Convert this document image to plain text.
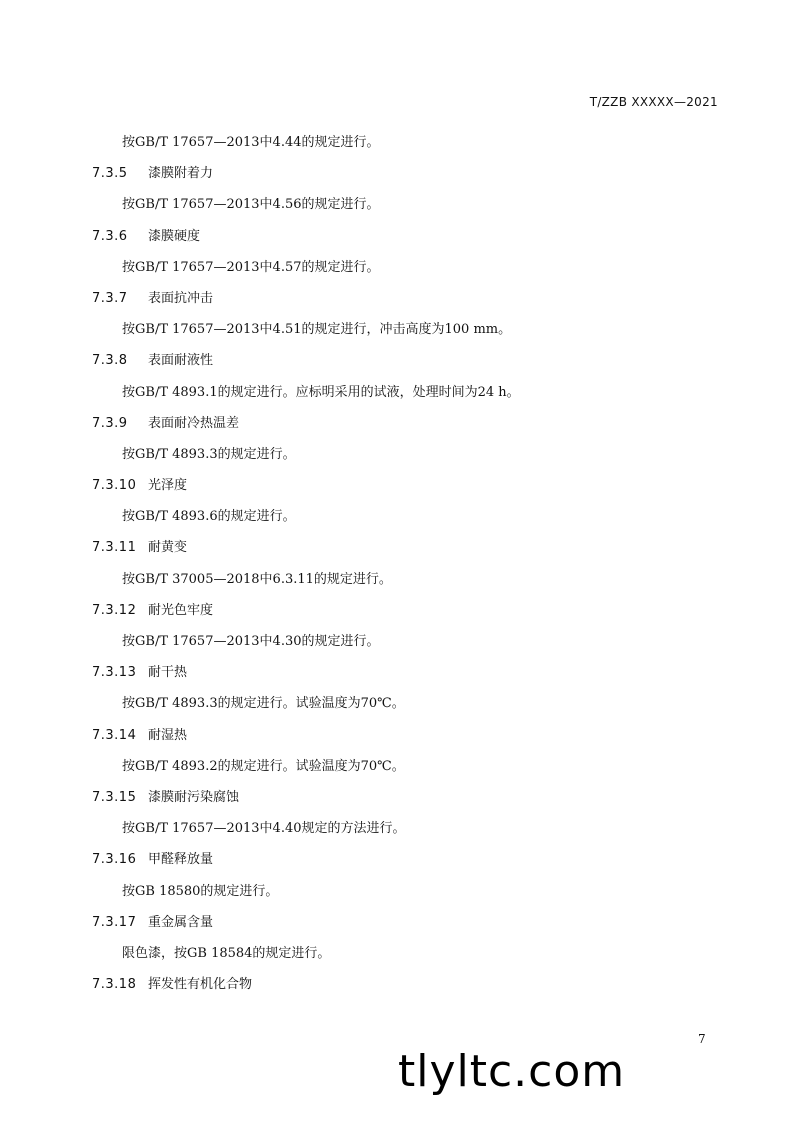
T/ZZB XXXXX—2021
按GB/T 17657—2013中4.44的规定进行。
7.3.5 漆膜附着力
按GB/T 17657—2013中4.56的规定进行。
7.3.6 漆膜硬度
按GB/T 17657—2013中4.57的规定进行。
7.3.7 表面抗冲击
按GB/T 17657—2013中4.51的规定进行，冲击高度为100 mm。
7.3.8 表面耐液性
按GB/T 4893.1的规定进行。应标明采用的试液，处理时间为24 h。
7.3.9 表面耐冷热温差
按GB/T 4893.3的规定进行。
7.3.10 光泽度
按GB/T 4893.6的规定进行。
7.3.11 耐黄变
按GB/T 37005—2018中6.3.11的规定进行。
7.3.12 耐光色牢度
按GB/T 17657—2013中4.30的规定进行。
7.3.13 耐干热
按GB/T 4893.3的规定进行。试验温度为70℃。
7.3.14 耐湿热
按GB/T 4893.2的规定进行。试验温度为70℃。
7.3.15 漆膜耐污染腐蚀
按GB/T 17657—2013中4.40规定的方法进行。
7.3.16 甲醛释放量
按GB 18580的规定进行。
7.3.17 重金属含量
限色漆，按GB 18584的规定进行。
7.3.18 挥发性有机化合物
7
tlyltc.com
